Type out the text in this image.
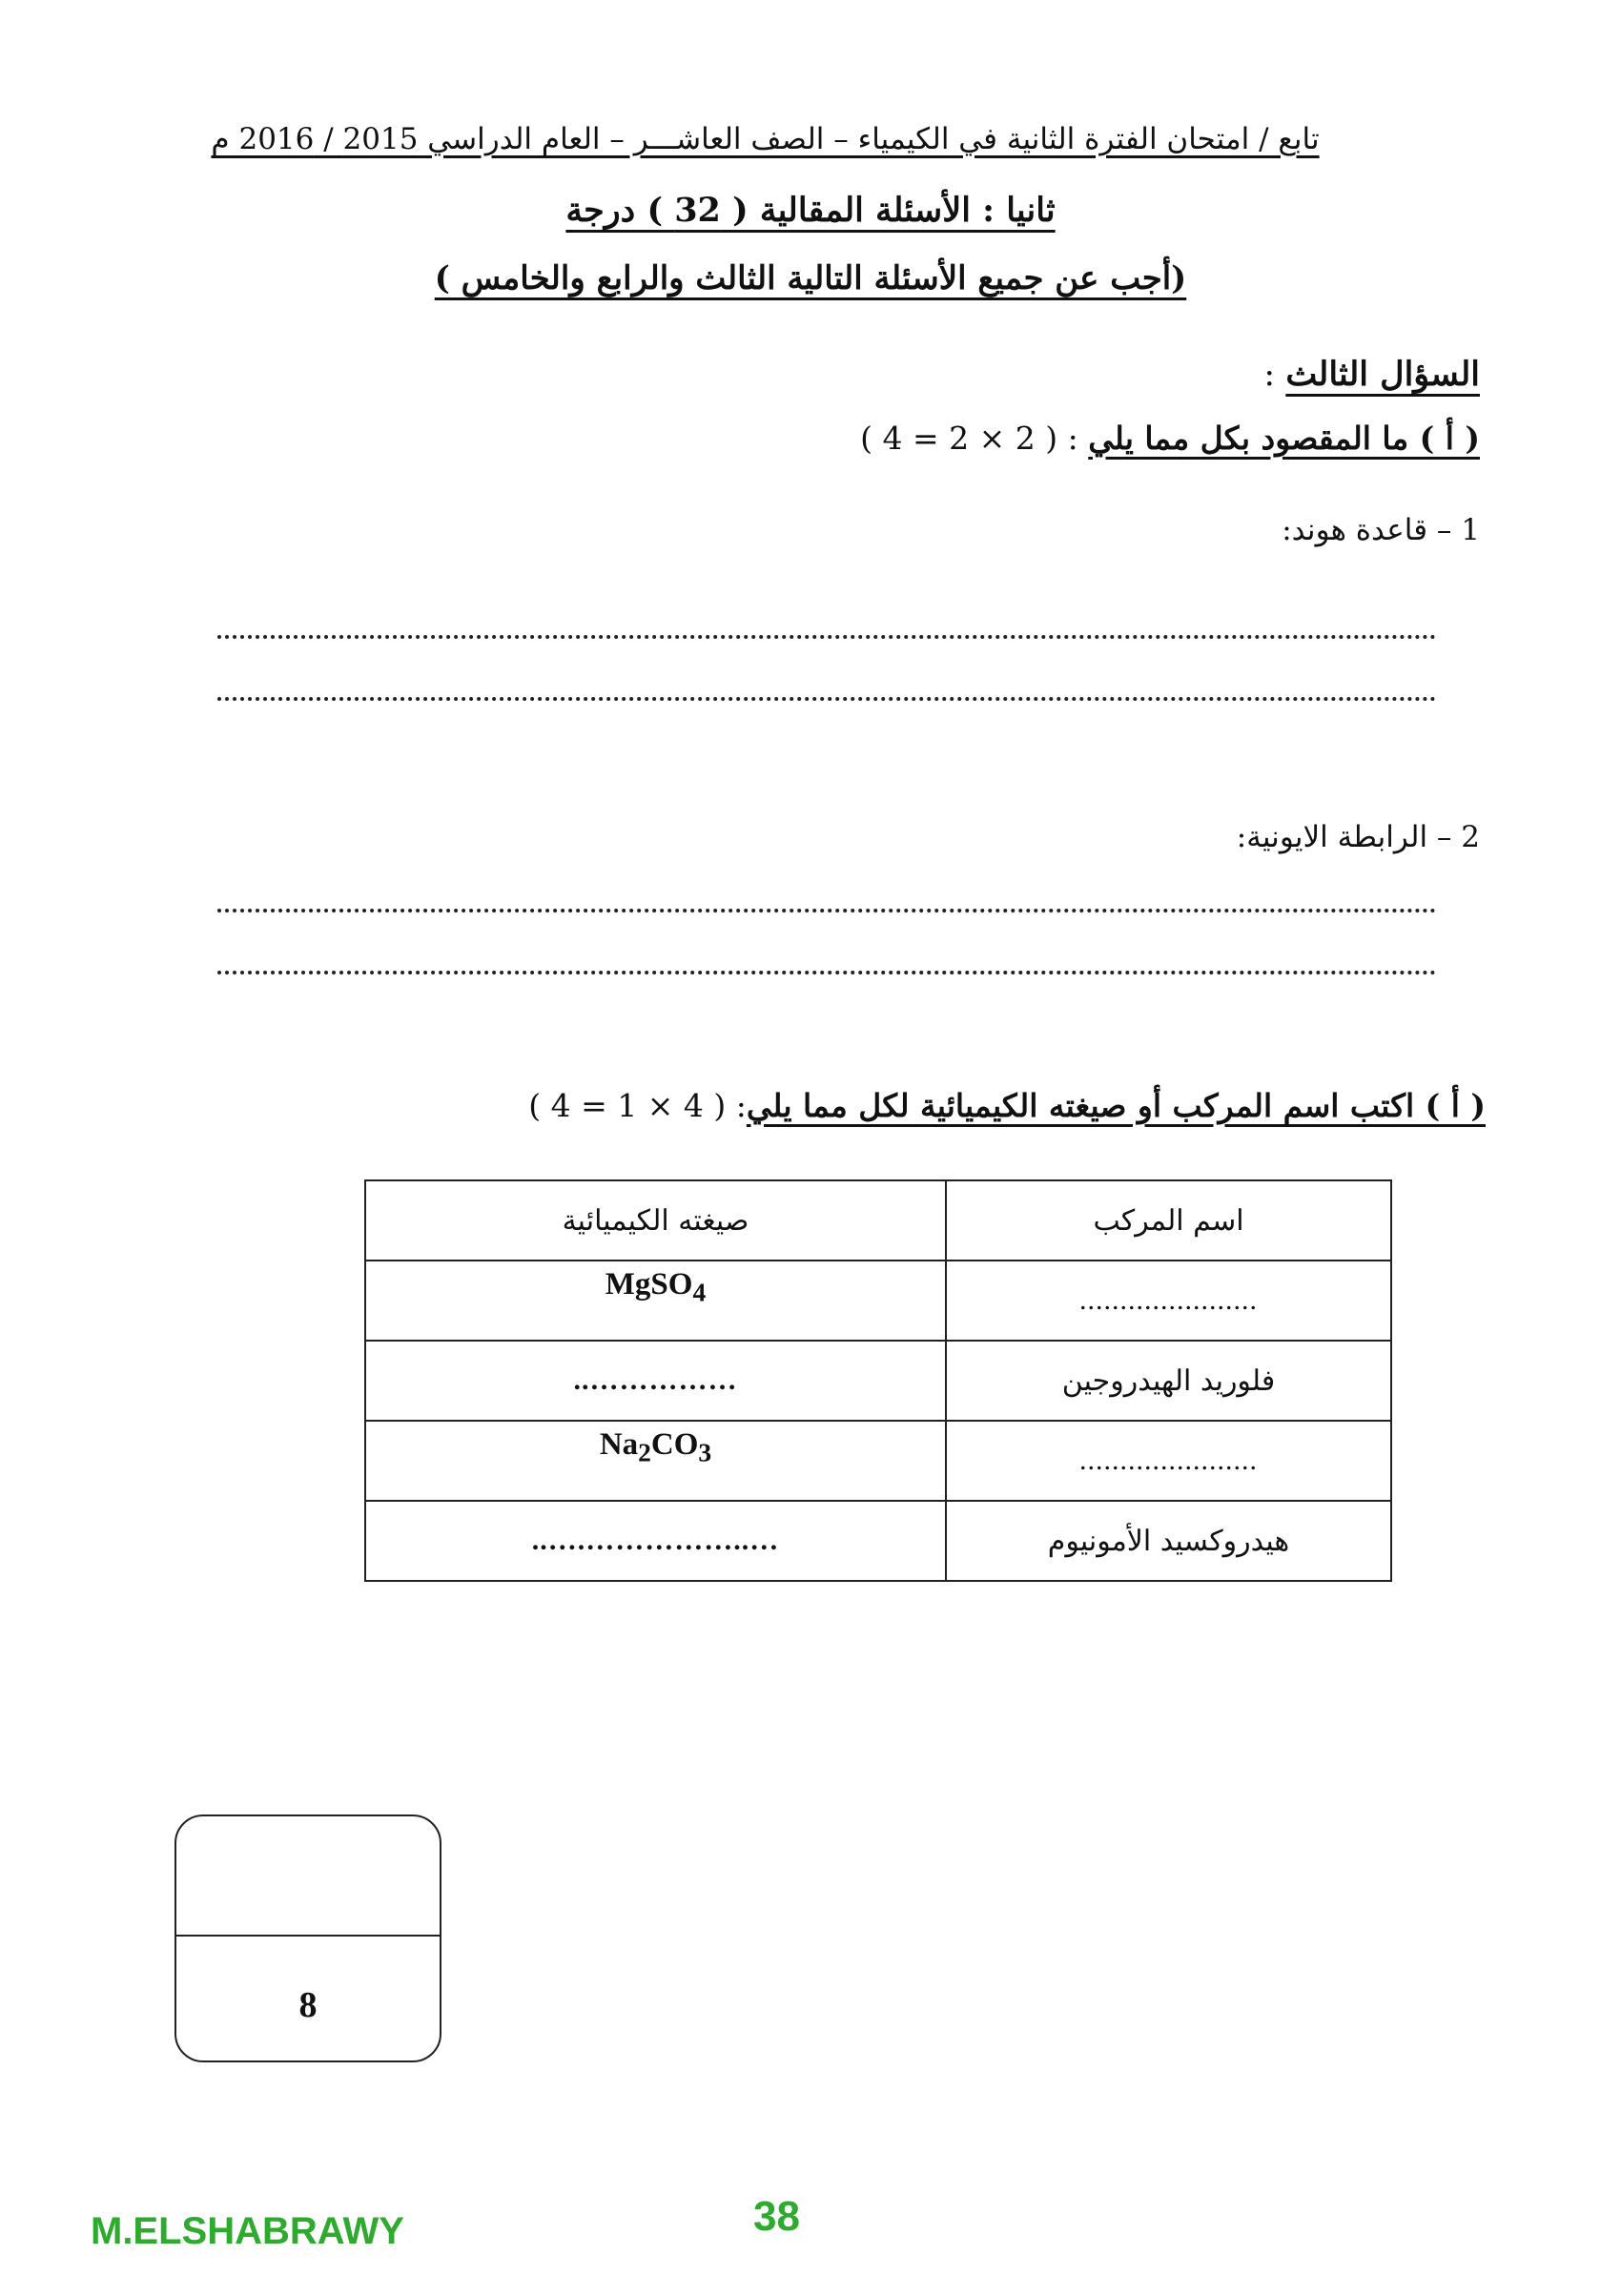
تابع / امتحان الفترة الثانية في الكيمياء – الصف العاشـــر – العام الدراسي 2015 / 2016 م
ثانيا : الأسئلة المقالية ( 32 ) درجة
(أجب عن جميع الأسئلة التالية الثالث والرابع والخامس )
السؤال الثالث :
( أ ) ما المقصود بكل مما يلي : ( 2 × 2 = 4 )
1 – قاعدة هوند:
2 – الرابطة الايونية:
( أ ) اكتب اسم المركب أو صيغته الكيميائية لكل مما يلي: ( 4 × 1 = 4 )
اسم المركب	صيغته الكيميائية
......................	MgSO$_4$
فلوريد الهيدروجين	……………..
......................	$Na_2CO_3$
هيدروكسيد الأمونيوم	…..…………….…..
8
M.ELSHABRAWY	38
